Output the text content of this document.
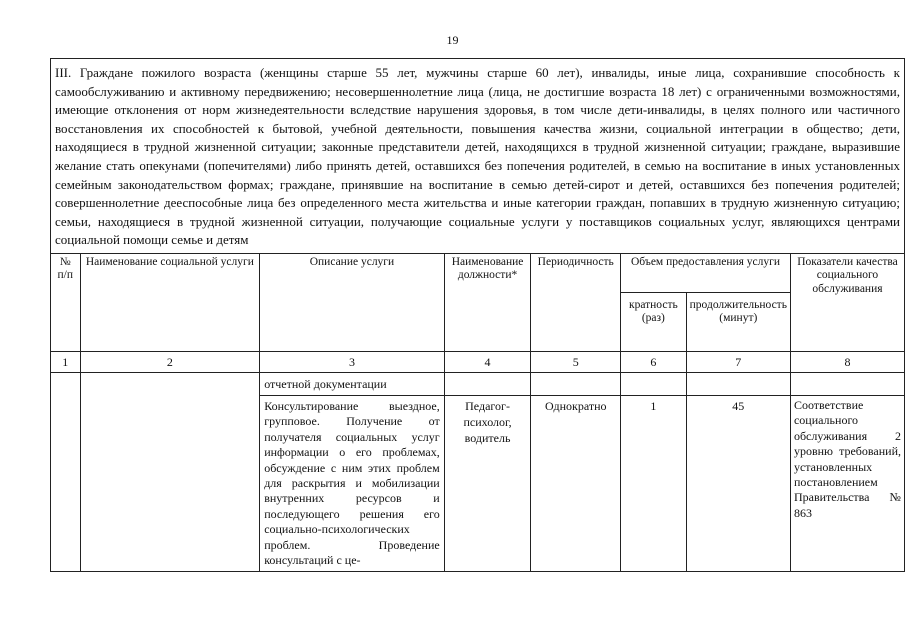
19
III. Граждане пожилого возраста (женщины старше 55 лет, мужчины старше 60 лет), инвалиды, иные лица, сохранившие способность к самообслуживанию и активному передвижению; несовершеннолетние лица (лица, не достигшие возраста 18 лет) с ограниченными возможностями, имеющие отклонения от норм жизнедеятельности вследствие нарушения здоровья, в том числе дети-инвалиды, в целях полного или частичного восстановления их способностей к бытовой, учебной деятельности, повышения качества жизни, социальной интеграции в общество; дети, находящиеся в трудной жизненной ситуации; законные представители детей, находящихся в трудной жизненной ситуации; граждане, выразившие желание стать опекунами (попечителями) либо принять детей, оставшихся без попечения родителей, в семью на воспитание в иных установленных семейным законодательством формах; граждане, принявшие на воспитание в семью детей-сирот и детей, оставшихся без попечения родителей; совершеннолетние дееспособные лица без определенного места жительства и иные категории граждан, попавших в трудную жизненную ситуацию; семьи, находящиеся в трудной жизненной ситуации, получающие социальные услуги у поставщиков социальных услуг, являющихся центрами социальной помощи семье и детям							
№ п/п	Наименование социальной услуги	Описание услуги	Наименование должности*	Периодичность	Объем предоставления услуги		Показатели качества социального обслуживания
					кратность (раз)	продолжительность (минут)	
1	2	3	4	5	6	7	8
		отчетной документации					
		Консультирование выездное, групповое. Получение от получателя социальных услуг информации о его проблемах, обсуждение с ним этих проблем для раскрытия и мобилизации внутренних ресурсов и последующего решения его социально-психологических проблем. Проведение консультаций с це-	Педагог-психолог, водитель	Однократно	1	45	Соответствие социального обслуживания 2 уровню требований, установленных постановлением Правительства № 863
